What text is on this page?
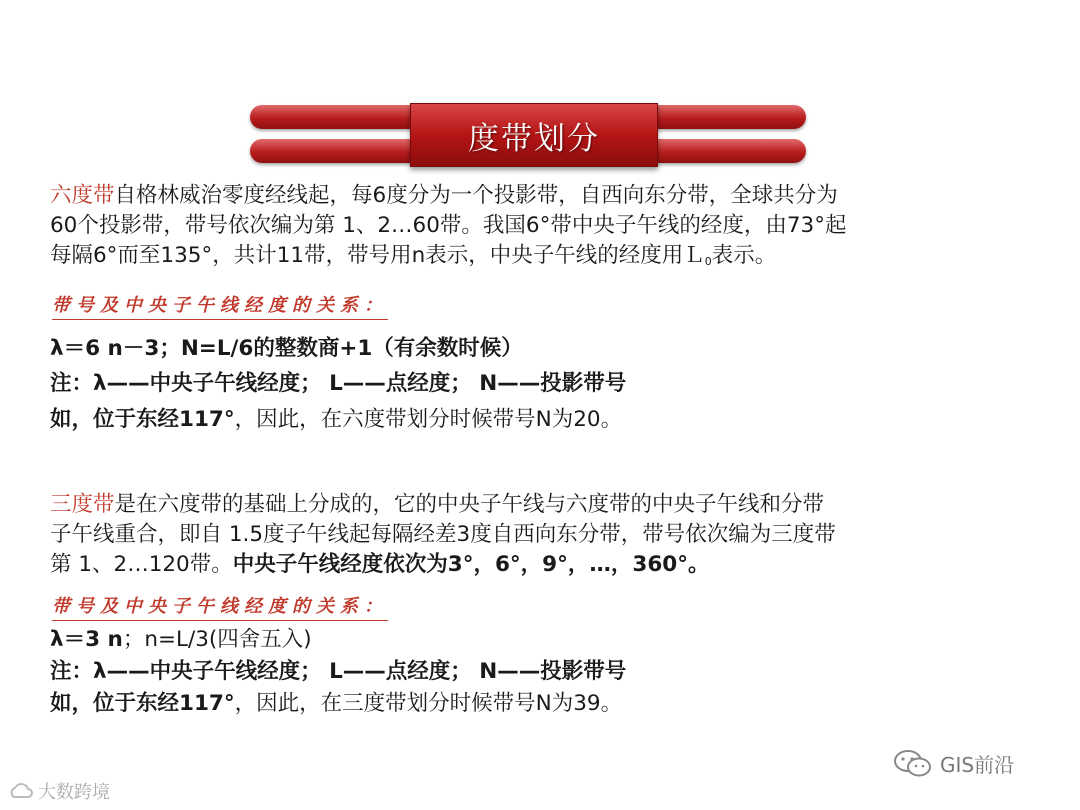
度带划分
六度带自格林威治零度经线起，每6度分为一个投影带，自西向东分带，全球共分为
60个投影带，带号依次编为第 1、2…60带。我国6°带中央子午线的经度，由73°起
每隔6°而至135°，共计11带，带号用n表示，中央子午线的经度用Ｌ$_0$表示。
带号及中央子午线经度的关系：
λ＝6 n－3；N=L/6的整数商+1（有余数时候）
注：λ——中央子午线经度； L——点经度； N——投影带号
如，位于东经117°，因此，在六度带划分时候带号N为20。
三度带是在六度带的基础上分成的，它的中央子午线与六度带的中央子午线和分带
子午线重合，即自 1.5度子午线起每隔经差3度自西向东分带，带号依次编为三度带
第 1、2…120带。中央子午线经度依次为3°，6°，9°，…，360°。
带号及中央子午线经度的关系：
λ＝3 n；n=L/3(四舍五入)
注：λ——中央子午线经度； L——点经度； N——投影带号
如，位于东经117°，因此，在三度带划分时候带号N为39。
GIS前沿
大数跨境
